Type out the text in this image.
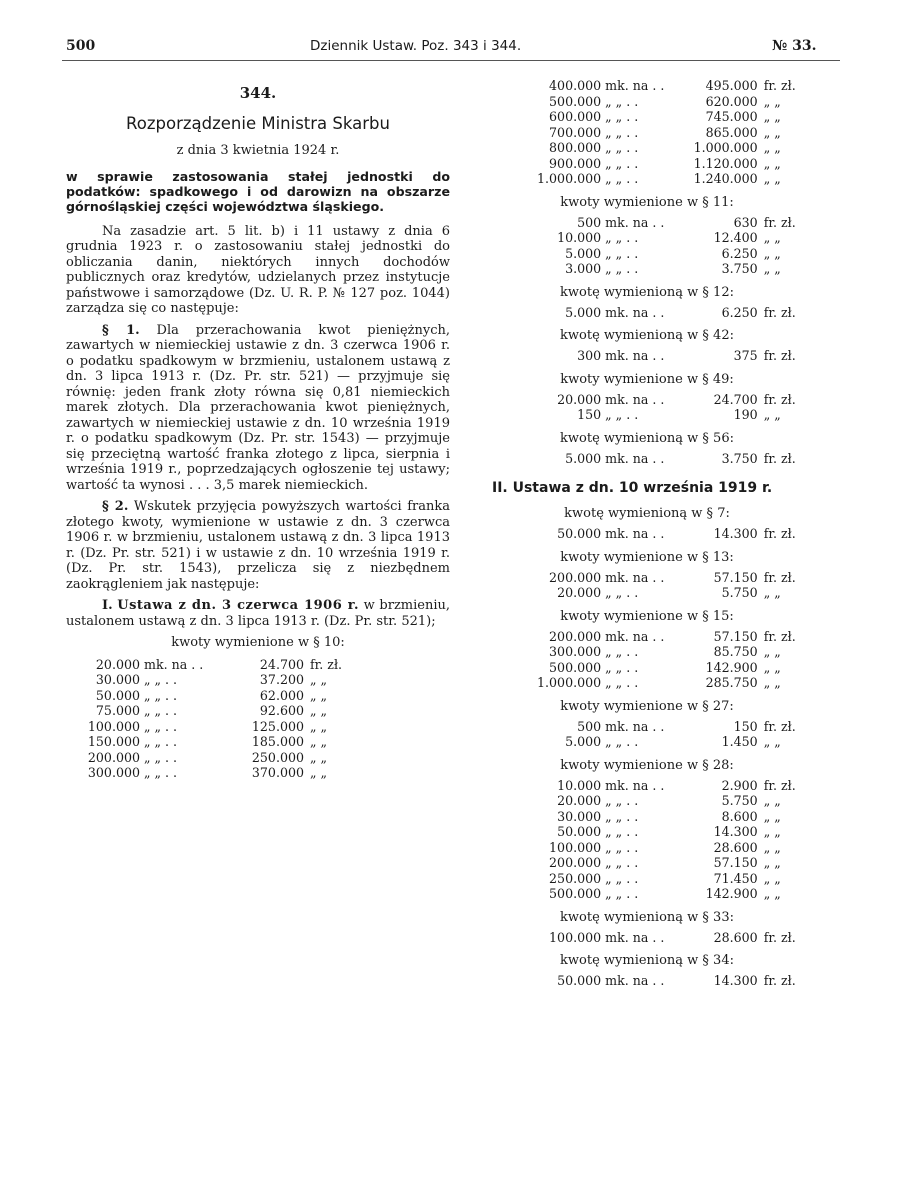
500	Dziennik Ustaw. Poz. 343 i 344.	№ 33.
344.
Rozporządzenie Ministra Skarbu
z dnia 3 kwietnia 1924 r.
w sprawie zastosowania stałej jednostki do podatków: spadkowego i od darowizn na obszarze górnośląskiej części województwa śląskiego.

Na zasadzie art. 5 lit. b) i 11 ustawy z dnia 6 grudnia 1923 r. o zastosowaniu stałej jednostki do obliczania danin, niektórych innych dochodów publicznych oraz kredytów, udzielanych przez instytucje państwowe i samorządowe (Dz. U. R. P. № 127 poz. 1044) zarządza się co następuje:

§ 1. Dla przerachowania kwot pieniężnych, zawartych w niemieckiej ustawie z dn. 3 czerwca 1906 r. o podatku spadkowym w brzmieniu, ustalonem ustawą z dn. 3 lipca 1913 r. (Dz. Pr. str. 521) — przyjmuje się równię: jeden frank złoty równa się 0,81 niemieckich marek złotych. Dla przerachowania kwot pieniężnych, zawartych w niemieckiej ustawie z dn. 10 września 1919 r. o podatku spadkowym (Dz. Pr. str. 1543) — przyjmuje się przeciętną wartość franka złotego z lipca, sierpnia i września 1919 r., poprzedzających ogłoszenie tej ustawy; wartość ta wynosi . . . 3,5 marek niemieckich.

§ 2. Wskutek przyjęcia powyższych wartości franka złotego kwoty, wymienione w ustawie z dn. 3 czerwca 1906 r. w brzmieniu, ustalonem ustawą z dn. 3 lipca 1913 r. (Dz. Pr. str. 521) i w ustawie z dn. 10 września 1919 r. (Dz. Pr. str. 1543), przelicza się z niezbędnem zaokrągleniem jak następuje:

I. Ustawa z dn. 3 czerwca 1906 r. w brzmieniu, ustalonem ustawą z dn. 3 lipca 1913 r. (Dz. Pr. str. 521);

kwoty wymienione w § 10:
20.000 mk. na . .	24.700 fr. zł.
30.000 „ „ . .	37.200 „ „
50.000 „ „ . .	62.000 „ „
75.000 „ „ . .	92.600 „ „
100.000 „ „ . .	125.000 „ „
150.000 „ „ . .	185.000 „ „
200.000 „ „ . .	250.000 „ „
300.000 „ „ . .	370.000 „ „
400.000 mk. na . .	495.000 fr. zł.
500.000 „ „ . .	620.000 „ „
600.000 „ „ . .	745.000 „ „
700.000 „ „ . .	865.000 „ „
800.000 „ „ . .	1.000.000 „ „
900.000 „ „ . .	1.120.000 „ „
1.000.000 „ „ . .	1.240.000 „ „
kwoty wymienione w § 11:
500 mk. na . .	630 fr. zł.
10.000 „ „ . .	12.400 „ „
5.000 „ „ . .	6.250 „ „
3.000 „ „ . .	3.750 „ „
kwotę wymienioną w § 12:
5.000 mk. na . .	6.250 fr. zł.
kwotę wymienioną w § 42:
300 mk. na . .	375 fr. zł.
kwoty wymienione w § 49:
20.000 mk. na . .	24.700 fr. zł.
150 „ „ . .	190 „ „
kwotę wymienioną w § 56:
5.000 mk. na . .	3.750 fr. zł.
II. Ustawa z dn. 10 września 1919 r.
kwotę wymienioną w § 7:
50.000 mk. na . .	14.300 fr. zł.
kwoty wymienione w § 13:
200.000 mk. na . .	57.150 fr. zł.
20.000 „ „ . .	5.750 „ „
kwoty wymienione w § 15:
200.000 mk. na . .	57.150 fr. zł.
300.000 „ „ . .	85.750 „ „
500.000 „ „ . .	142.900 „ „
1.000.000 „ „ . .	285.750 „ „
kwoty wymienione w § 27:
500 mk. na . .	150 fr. zł.
5.000 „ „ . .	1.450 „ „
kwoty wymienione w § 28:
10.000 mk. na . .	2.900 fr. zł.
20.000 „ „ . .	5.750 „ „
30.000 „ „ . .	8.600 „ „
50.000 „ „ . .	14.300 „ „
100.000 „ „ . .	28.600 „ „
200.000 „ „ . .	57.150 „ „
250.000 „ „ . .	71.450 „ „
500.000 „ „ . .	142.900 „ „
kwotę wymienioną w § 33:
100.000 mk. na . .	28.600 fr. zł.
kwotę wymienioną w § 34:
50.000 mk. na . .	14.300 fr. zł.
